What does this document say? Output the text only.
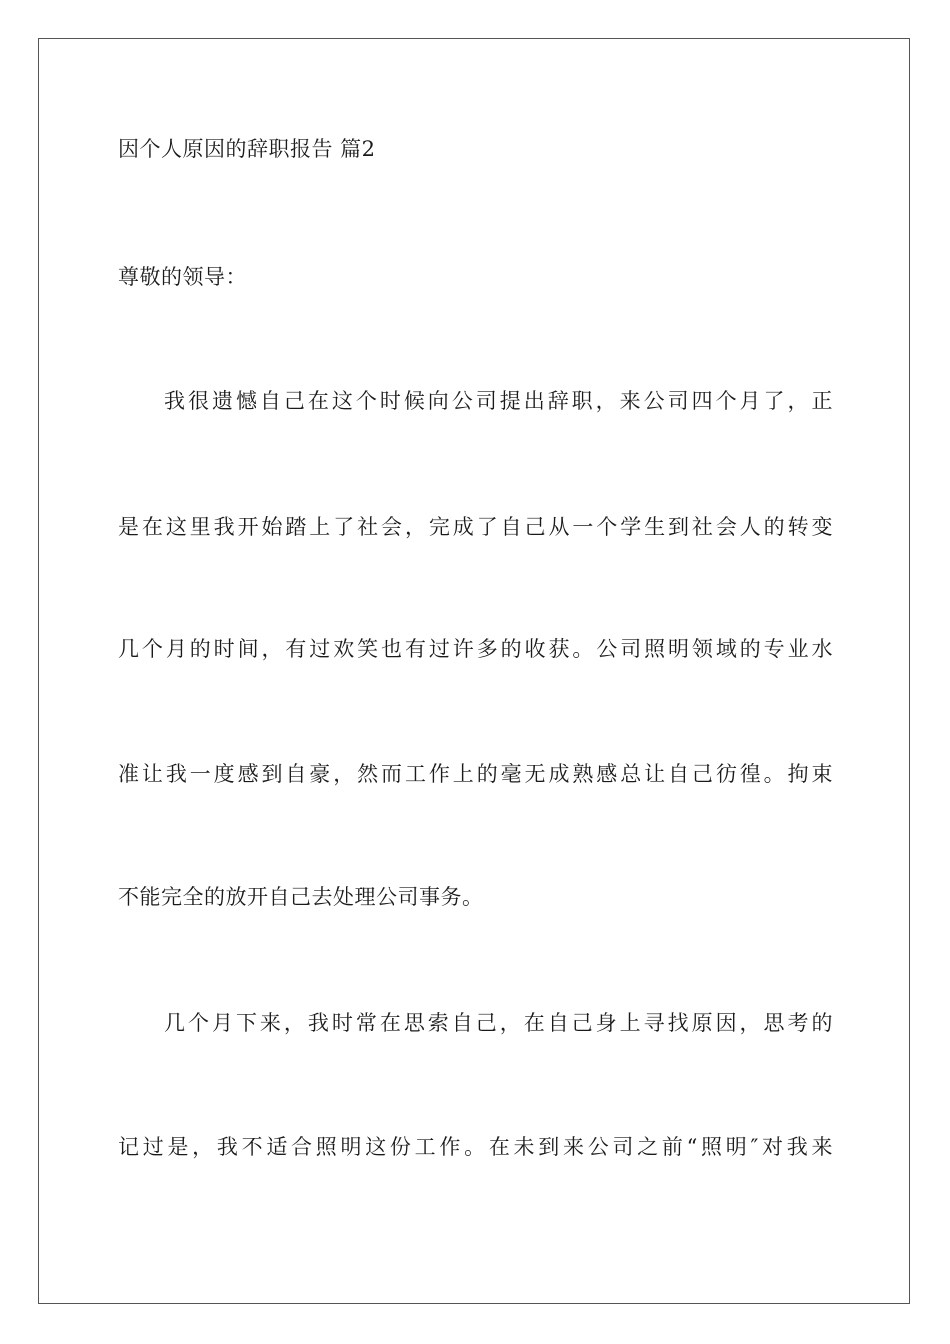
因个人原因的辞职报告 篇2
尊敬的领导：
我很遗憾自己在这个时候向公司提出辞职，来公司四个月了，正
是在这里我开始踏上了社会，完成了自己从一个学生到社会人的转变
几个月的时间，有过欢笑也有过许多的收获。公司照明领域的专业水
准让我一度感到自豪，然而工作上的毫无成熟感总让自己彷徨。拘束
不能完全的放开自己去处理公司事务。
几个月下来，我时常在思索自己，在自己身上寻找原因，思考的
记过是，我不适合照明这份工作。在未到来公司之前“照明″对我来
